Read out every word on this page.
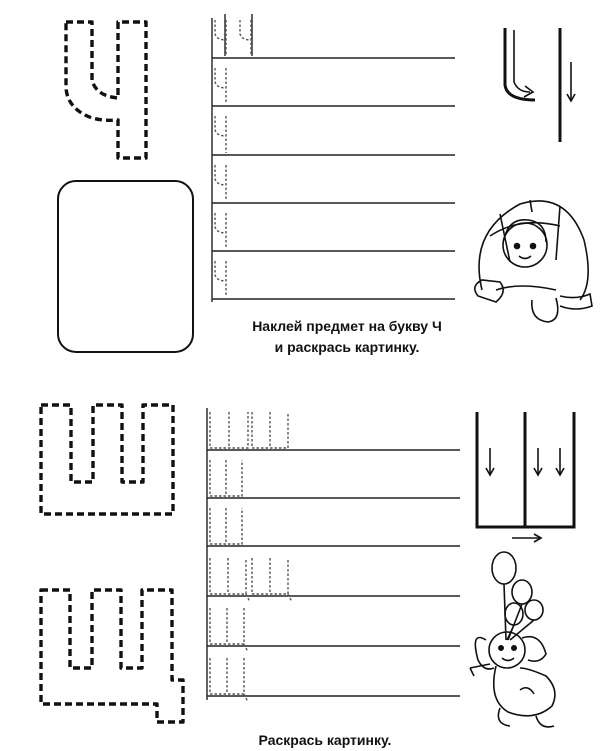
Наклей предмет на букву Ч
и раскрась картинку.
Раскрась картинку.
